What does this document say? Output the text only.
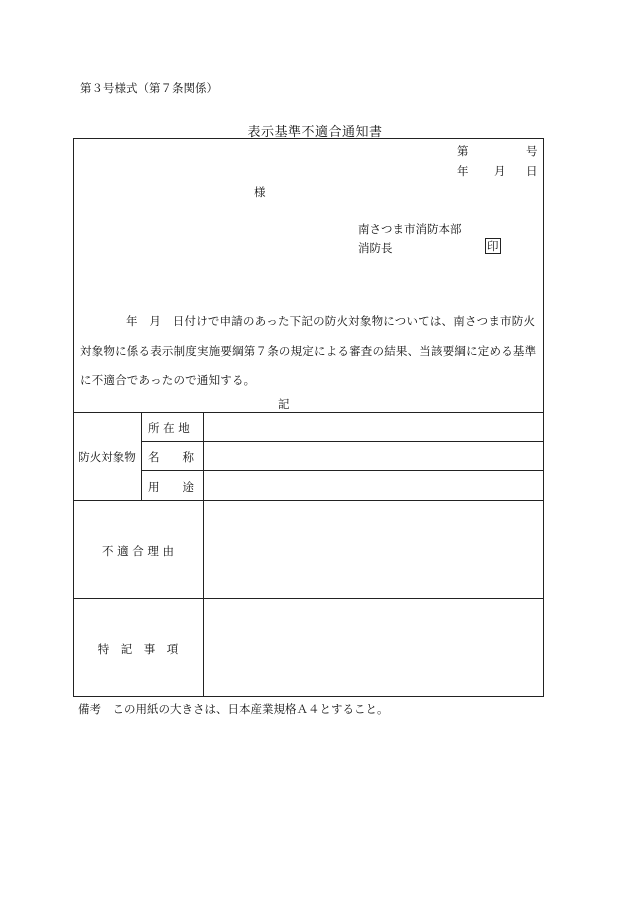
第３号様式（第７条関係）
表示基準不適合通知書
第	号
年 月 日
様
南さつま市消防本部
消防長	印
年　月　日付けで申請のあった下記の防火対象物については、南さつま市防火
対象物に係る表示制度実施要綱第７条の規定による審査の結果、当該要綱に定める基準
に不適合であったので通知する。
記
防火対象物
所 在 地
名　　称
用　　途
不 適 合 理 由
特　記　事　項
備考　この用紙の大きさは、日本産業規格Ａ４とすること。
